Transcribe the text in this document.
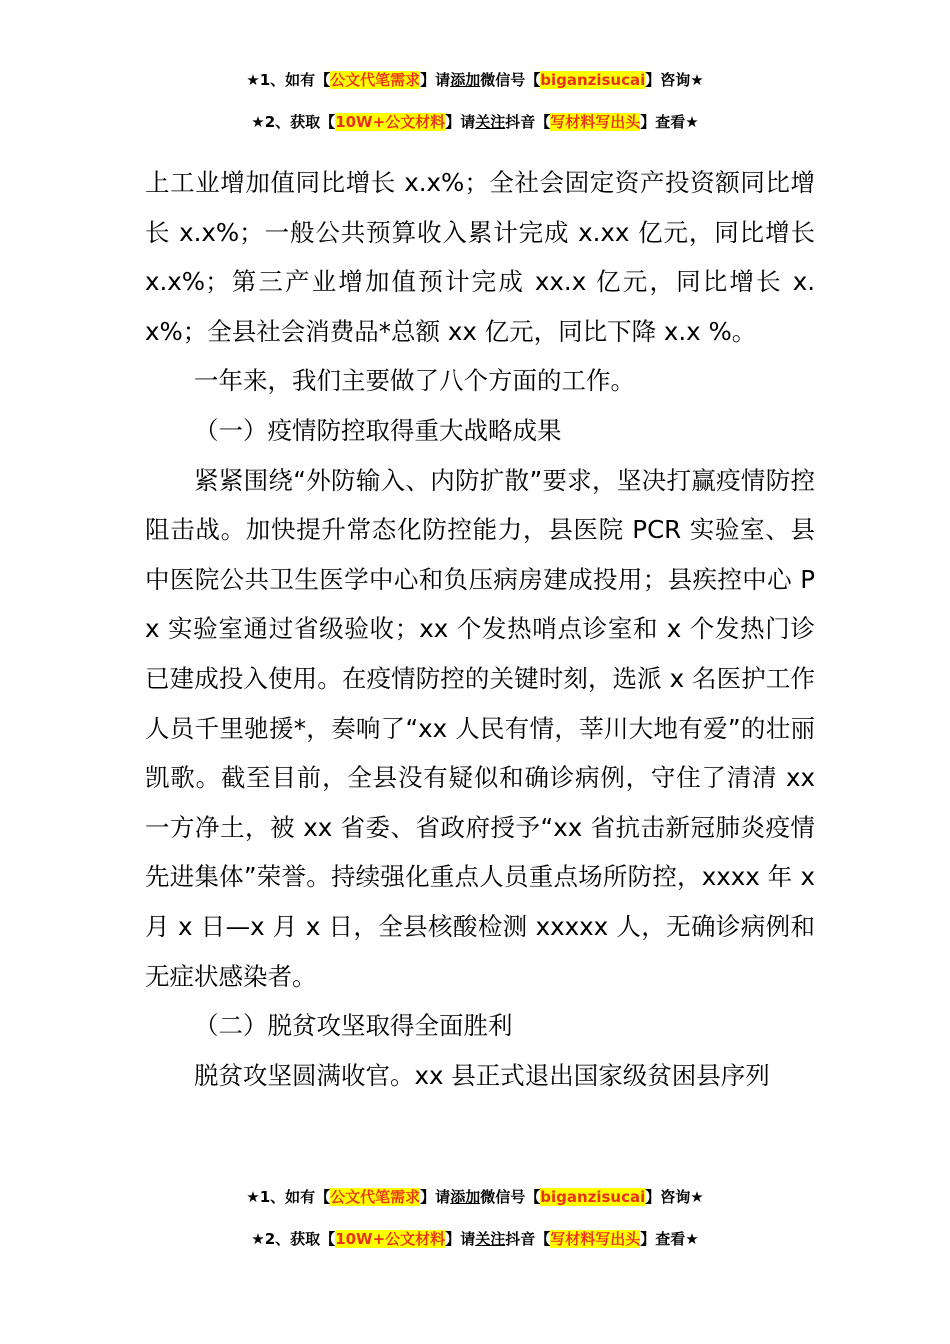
★1、如有【公文代笔需求】请添加微信号【biganzisucai】咨询★
★2、获取【10W+公文材料】请关注抖音【写材料写出头】查看★

上工业增加值同比增长 x.x%；全社会固定资产投资额同比增长 x.x%；一般公共预算收入累计完成 x.xx 亿元，同比增长 x.x%；第三产业增加值预计完成 xx.x 亿元，同比增长 x.x%；全县社会消费品*总额 xx 亿元，同比下降 x.x %。

一年来，我们主要做了八个方面的工作。

（一）疫情防控取得重大战略成果

紧紧围绕“外防输入、内防扩散”要求，坚决打赢疫情防控阻击战。加快提升常态化防控能力，县医院 PCR 实验室、县中医院公共卫生医学中心和负压病房建成投用；县疾控中心 Px 实验室通过省级验收；xx 个发热哨点诊室和 x 个发热门诊已建成投入使用。在疫情防控的关键时刻，选派 x 名医护工作人员千里驰援*，奏响了“xx 人民有情，莘川大地有爱”的壮丽凯歌。截至目前，全县没有疑似和确诊病例，守住了清清 xx 一方净土，被 xx 省委、省政府授予“xx 省抗击新冠肺炎疫情先进集体”荣誉。持续强化重点人员重点场所防控，xxxx 年 x 月 x 日—x 月 x 日，全县核酸检测 xxxxx 人，无确诊病例和无症状感染者。

（二）脱贫攻坚取得全面胜利

脱贫攻坚圆满收官。xx 县正式退出国家级贫困县序列

★1、如有【公文代笔需求】请添加微信号【biganzisucai】咨询★
★2、获取【10W+公文材料】请关注抖音【写材料写出头】查看★
